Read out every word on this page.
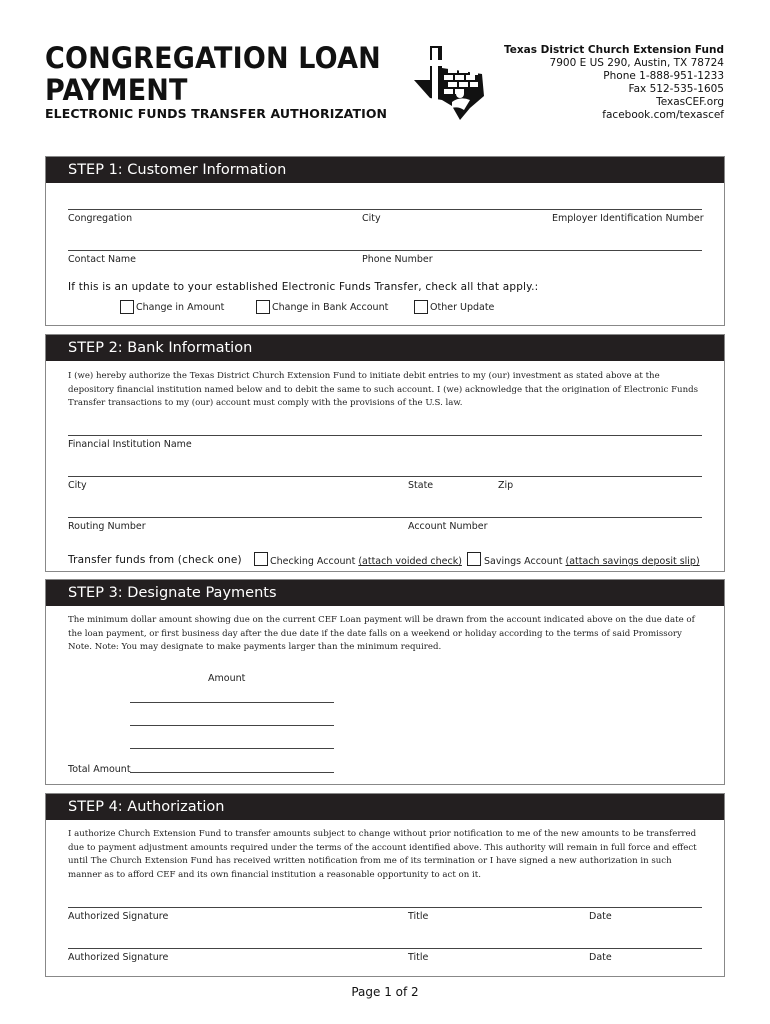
CONGREGATION LOAN
PAYMENT
ELECTRONIC FUNDS TRANSFER AUTHORIZATION
Texas District Church Extension Fund
7900 E US 290, Austin, TX 78724
Phone 1-888-951-1233
Fax 512-535-1605
TexasCEF.org
facebook.com/texascef
STEP 1: Customer Information
Congregation	City	Employer Identification Number
Contact Name	Phone Number
If this is an update to your established Electronic Funds Transfer, check all that apply.:
Change in Amount	Change in Bank Account	Other Update
STEP 2: Bank Information
I (we) hereby authorize the Texas District Church Extension Fund to initiate debit entries to my (our) investment as stated above at the depository financial institution named below and to debit the same to such account. I (we) acknowledge that the origination of Electronic Funds Transfer transactions to my (our) account must comply with the provisions of the U.S. law.
Financial Institution Name
City	State	Zip
Routing Number	Account Number
Transfer funds from (check one)	Checking Account (attach voided check) Savings Account (attach savings deposit slip)
STEP 3: Designate Payments
The minimum dollar amount showing due on the current CEF Loan payment will be drawn from the account indicated above on the due date of the loan payment, or first business day after the due date if the date falls on a weekend or holiday according to the terms of said Promissory Note. Note: You may designate to make payments larger than the minimum required.
Amount
Total Amount
STEP 4: Authorization
I authorize Church Extension Fund to transfer amounts subject to change without prior notification to me of the new amounts to be transferred due to payment adjustment amounts required under the terms of the account identified above. This authority will remain in full force and effect until The Church Extension Fund has received written notification from me of its termination or I have signed a new authorization in such manner as to afford CEF and its own financial institution a reasonable opportunity to act on it.
Authorized Signature	Title	Date
Authorized Signature	Title	Date
Page 1 of 2
